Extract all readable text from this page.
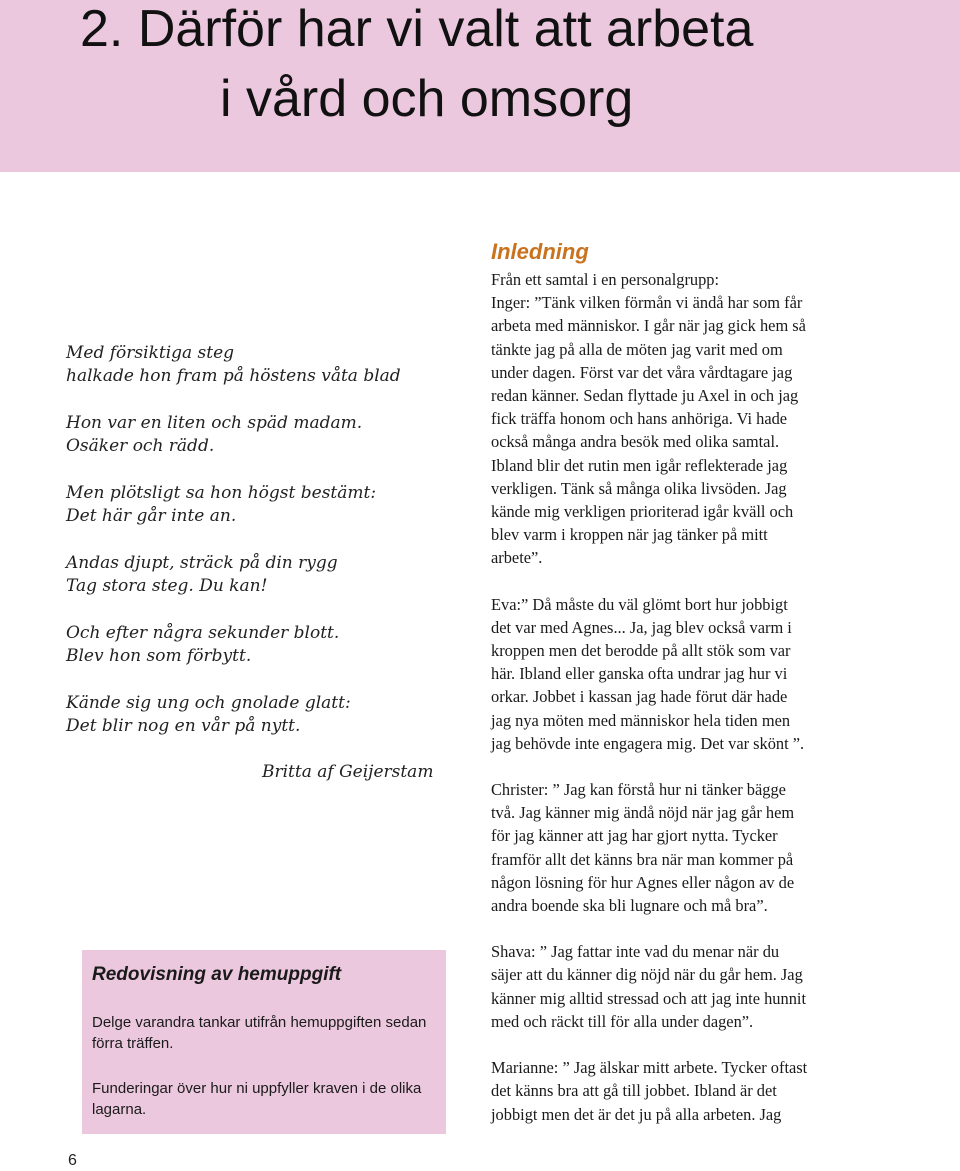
2. Därför har vi valt att arbeta
i vård och omsorg
Med försiktiga steg
halkade hon fram på höstens våta blad
Hon var en liten och späd madam.
Osäker och rädd.
Men plötsligt sa hon högst bestämt:
Det här går inte an.
Andas djupt, sträck på din rygg
Tag stora steg. Du kan!
Och efter några sekunder blott.
Blev hon som förbytt.
Kände sig ung och gnolade glatt:
Det blir nog en vår på nytt.
Britta af Geijerstam
Redovisning av hemuppgift
Delge varandra tankar utifrån hemuppgiften sedan förra träffen.
Funderingar över hur ni uppfyller kraven i de olika lagarna.
6
Inledning
Från ett samtal i en personalgrupp:
Inger: ”Tänk vilken förmån vi ändå har som får
arbeta med människor. I går när jag gick hem så
tänkte jag på alla de möten jag varit med om
under dagen. Först var det våra vårdtagare jag
redan känner. Sedan flyttade ju Axel in och jag
fick träffa honom och hans anhöriga. Vi hade
också många andra besök med olika samtal.
Ibland blir det rutin men igår reflekterade jag
verkligen. Tänk så många olika livsöden. Jag
kände mig verkligen prioriterad igår kväll och
blev varm i kroppen när jag tänker på mitt
arbete”.
Eva:” Då måste du väl glömt bort hur jobbigt
det var med Agnes... Ja, jag blev också varm i
kroppen men det berodde på allt stök som var
här. Ibland eller ganska ofta undrar jag hur vi
orkar. Jobbet i kassan jag hade förut där hade
jag nya möten med människor hela tiden men
jag behövde inte engagera mig. Det var skönt ”.
Christer: ” Jag kan förstå hur ni tänker bägge
två. Jag känner mig ändå nöjd när jag går hem
för jag känner att jag har gjort nytta. Tycker
framför allt det känns bra när man kommer på
någon lösning för hur Agnes eller någon av de
andra boende ska bli lugnare och må bra”.
Shava: ” Jag fattar inte vad du menar när du
säjer att du känner dig nöjd när du går hem. Jag
känner mig alltid stressad och att jag inte hunnit
med och räckt till för alla under dagen”.
Marianne: ” Jag älskar mitt arbete. Tycker oftast
det känns bra att gå till jobbet. Ibland är det
jobbigt men det är det ju på alla arbeten. Jag
